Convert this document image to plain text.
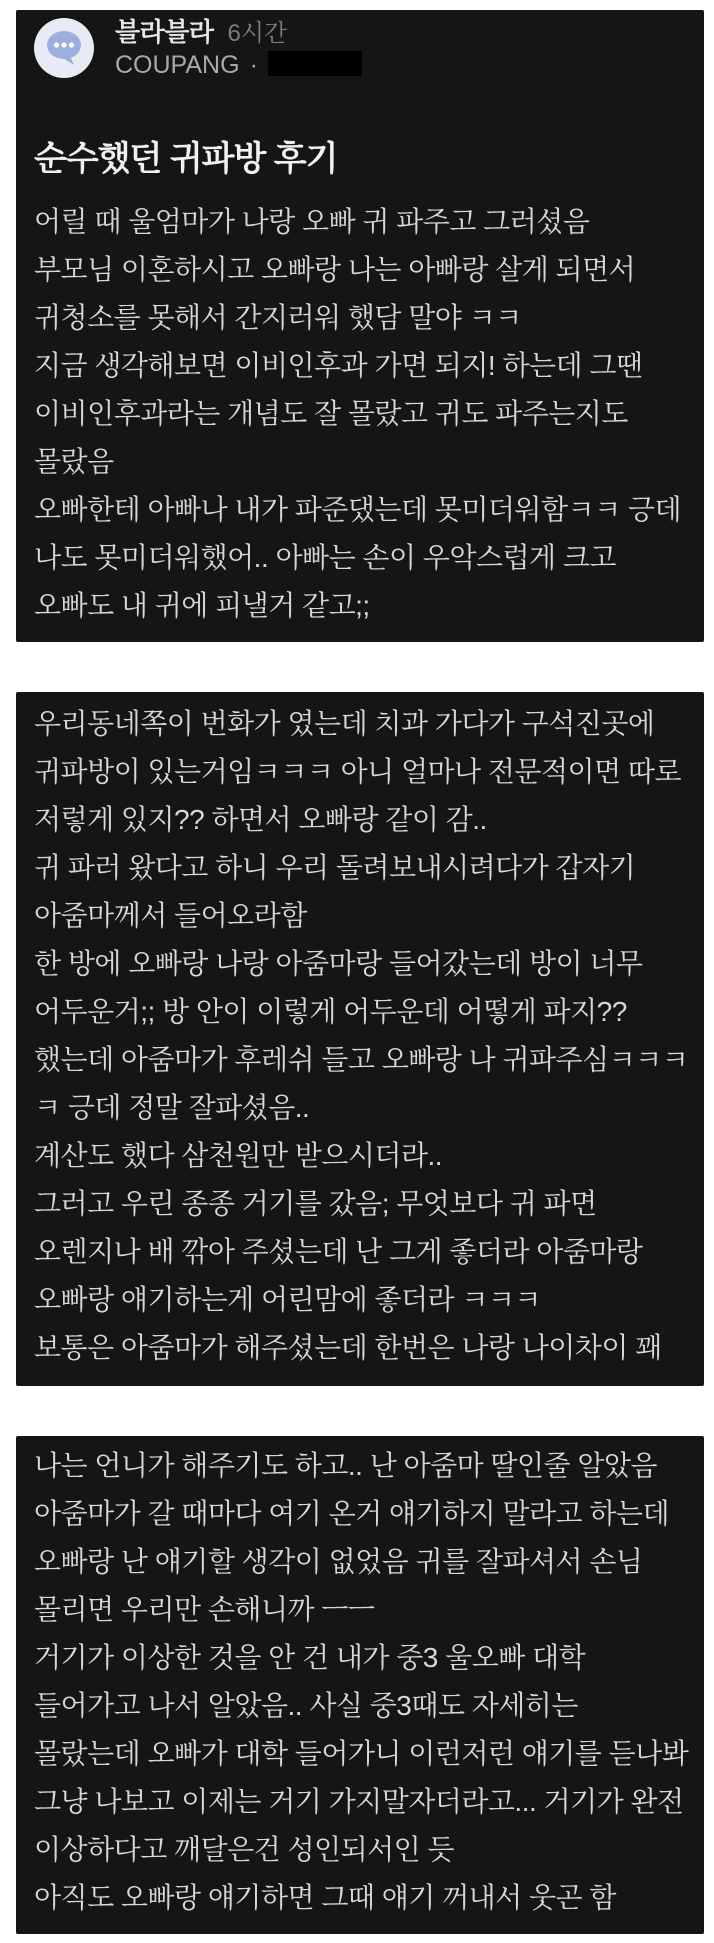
블라블라 6시간
COUPANG ·
순수했던 귀파방 후기
어릴 때 울엄마가 나랑 오빠 귀 파주고 그러셨음
부모님 이혼하시고 오빠랑 나는 아빠랑 살게 되면서
귀청소를 못해서 간지러워 했담 말야 ㅋㅋ
지금 생각해보면 이비인후과 가면 되지! 하는데 그땐
이비인후과라는 개념도 잘 몰랐고 귀도 파주는지도
몰랐음
오빠한테 아빠나 내가 파준댔는데 못미더워함ㅋㅋ 긍데
나도 못미더워했어.. 아빠는 손이 우악스럽게 크고
오빠도 내 귀에 피낼거 같고;;
우리동네쪽이 번화가 였는데 치과 가다가 구석진곳에
귀파방이 있는거임ㅋㅋㅋ 아니 얼마나 전문적이면 따로
저렇게 있지?? 하면서 오빠랑 같이 감..
귀 파러 왔다고 하니 우리 돌려보내시려다가 갑자기
아줌마께서 들어오라함
한 방에 오빠랑 나랑 아줌마랑 들어갔는데 방이 너무
어두운거;; 방 안이 이렇게 어두운데 어떻게 파지??
했는데 아줌마가 후레쉬 들고 오빠랑 나 귀파주심ㅋㅋㅋ
ㅋ 긍데 정말 잘파셨음..
계산도 했다 삼천원만 받으시더라..
그러고 우린 종종 거기를 갔음; 무엇보다 귀 파면
오렌지나 배 깎아 주셨는데 난 그게 좋더라 아줌마랑
오빠랑 얘기하는게 어린맘에 좋더라 ㅋㅋㅋ
보통은 아줌마가 해주셨는데 한번은 나랑 나이차이 꽤
나는 언니가 해주기도 하고.. 난 아줌마 딸인줄 알았음
아줌마가 갈 때마다 여기 온거 얘기하지 말라고 하는데
오빠랑 난 얘기할 생각이 없었음 귀를 잘파셔서 손님
몰리면 우리만 손해니까 ㅡㅡ
거기가 이상한 것을 안 건 내가 중3 울오빠 대학
들어가고 나서 알았음.. 사실 중3때도 자세히는
몰랐는데 오빠가 대학 들어가니 이런저런 얘기를 듣나봐
그냥 나보고 이제는 거기 가지말자더라고... 거기가 완전
이상하다고 깨달은건 성인되서인 듯
아직도 오빠랑 얘기하면 그때 얘기 꺼내서 웃곤 함
